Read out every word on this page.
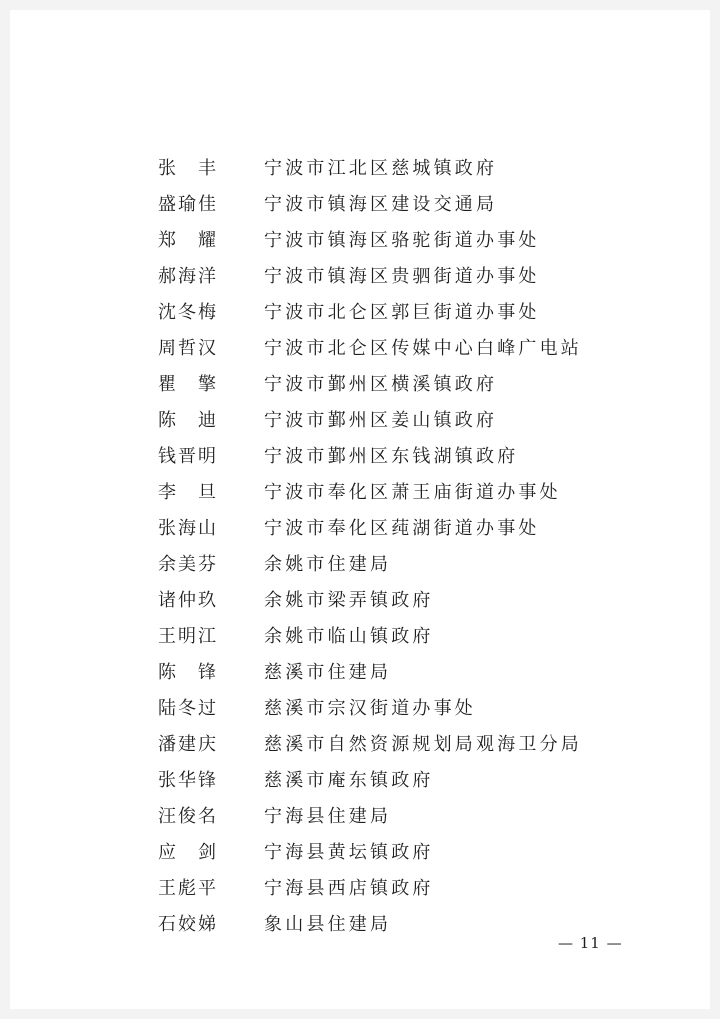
张 丰	宁波市江北区慈城镇政府
盛瑜佳	宁波市镇海区建设交通局
郑 耀	宁波市镇海区骆驼街道办事处
郝海洋	宁波市镇海区贵驷街道办事处
沈冬梅	宁波市北仑区郭巨街道办事处
周哲汉	宁波市北仑区传媒中心白峰广电站
瞿 擎	宁波市鄞州区横溪镇政府
陈 迪	宁波市鄞州区姜山镇政府
钱晋明	宁波市鄞州区东钱湖镇政府
李 旦	宁波市奉化区萧王庙街道办事处
张海山	宁波市奉化区莼湖街道办事处
余美芬	余姚市住建局
诸仲玖	余姚市梁弄镇政府
王明江	余姚市临山镇政府
陈 锋	慈溪市住建局
陆冬过	慈溪市宗汉街道办事处
潘建庆	慈溪市自然资源规划局观海卫分局
张华锋	慈溪市庵东镇政府
汪俊名	宁海县住建局
应 剑	宁海县黄坛镇政府
王彪平	宁海县西店镇政府
石姣娣	象山县住建局
— 11 —
